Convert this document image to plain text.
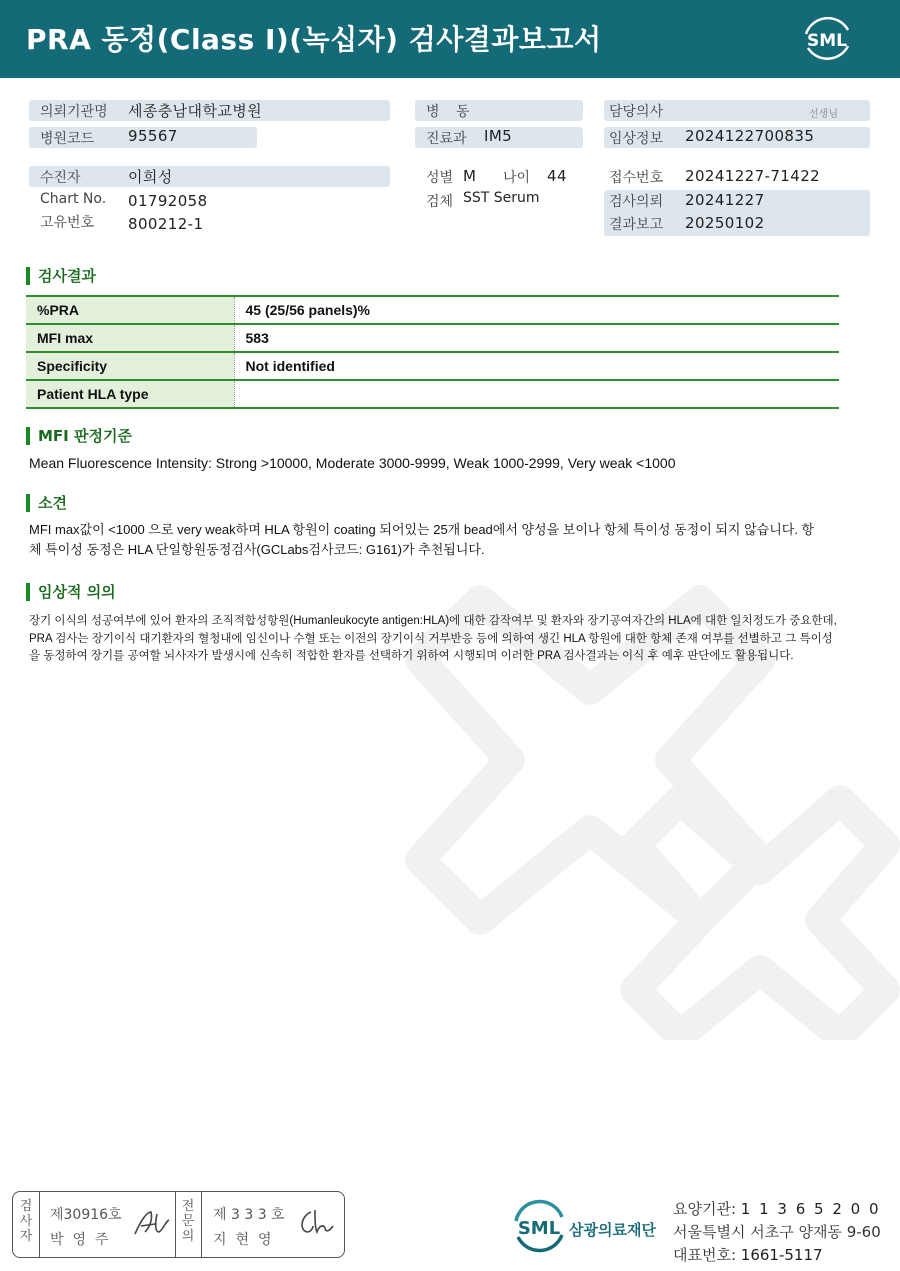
PRA 동정(Class I)(녹십자) 검사결과보고서	SML
의뢰기관명 세종충남대학교병원
병원코드 95567
병 동
진료과 IM5
담당의사	선생님
임상정보 2024122700835
수진자	이희성
Chart No. 01792058
고유번호 800212-1
성별 M 나이 44
검체 SST Serum
접수번호 20241227-71422
검사의뢰 20241227
결과보고 20250102
검사결과
%PRA	45 (25/56 panels)%
MFI max	583
Specificity	Not identified
Patient HLA type	
MFI 판정기준
Mean Fluorescence Intensity: Strong >10000, Moderate 3000-9999, Weak 1000-2999, Very weak <1000
소견
MFI max값이 <1000 으로 very weak하며 HLA 항원이 coating 되어있는 25개 bead에서 양성을 보이나 항체 특이성 동정이 되지 않습니다. 항체 특이성 동정은 HLA 단일항원동정검사(GCLabs검사코드: G161)가 추천됩니다.
임상적 의의
장기 이식의 성공여부에 있어 환자의 조직적합성항원(Humanleukocyte antigen:HLA)에 대한 감작여부 및 환자와 장기공여자간의 HLA에 대한 일치정도가 중요한데, PRA 검사는 장기이식 대기환자의 혈청내에 임신이나 수혈 또는 이전의 장기이식 거부반응 등에 의하여 생긴 HLA 항원에 대한 항체 존재 여부를 선별하고 그 특이성을 동정하여 장기를 공여할 뇌사자가 발생시에 신속히 적합한 환자를 선택하기 위하여 시행되며 이러한 PRA 검사결과는 이식 후 예후 판단에도 활용됩니다.
검사자
제30916호
박영주
전문의
제 3 3 3 호
지현영
SML 삼광의료재단
요양기관: 1 1 3 6 5 2 0 0
서울특별시 서초구 양재동 9-60
대표번호: 1661-5117
